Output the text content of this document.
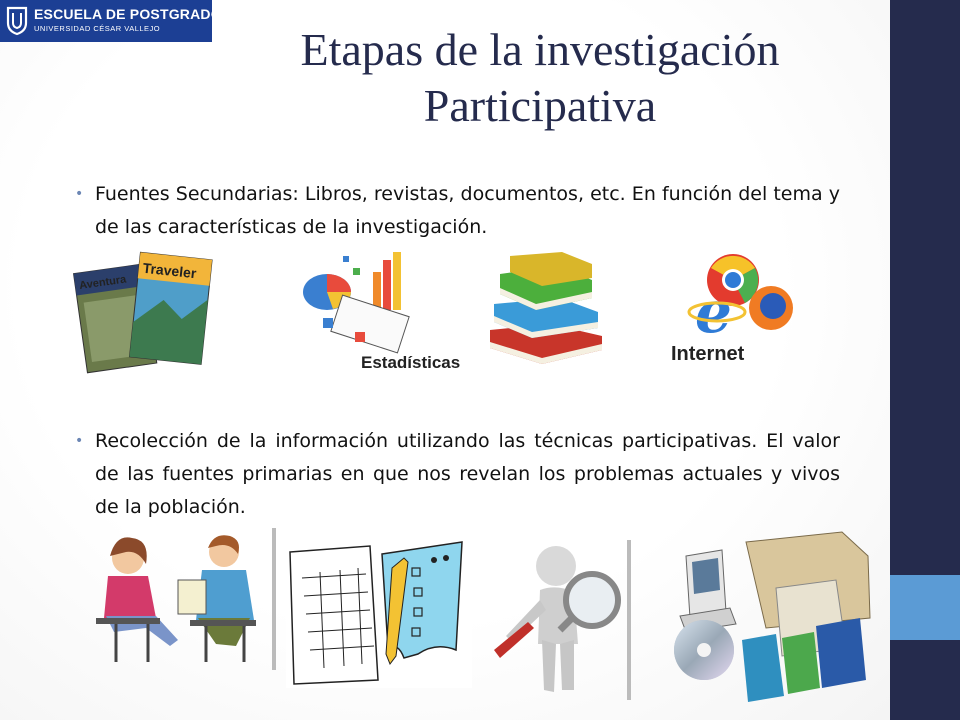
ESCUELA DE POSTGRADO
UNIVERSIDAD CÉSAR VALLEJO	Etapas de la investigación
Participativa
• Fuentes Secundarias: Libros, revistas, documentos, etc. En función del tema y de las características de la investigación.
Aventura
Traveler
Estadísticas
e
Internet
• Recolección de la información utilizando las técnicas participativas. El valor de las fuentes primarias en que nos revelan los problemas actuales y vivos de la población.
